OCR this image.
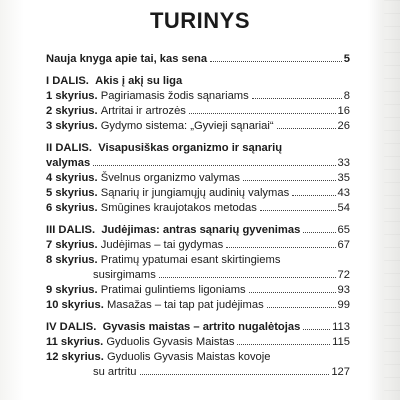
TURINYS
Nauja knyga apie tai, kas sena	5
I DALIS.
Akis į akį su liga
1 skyrius.
Pagiriamasis žodis sąnariams	8
2 skyrius.
Artritai ir artrozės	16
3 skyrius.
Gydymo sistema: „Gyvieji sąnariai“	26
II DALIS.
Visapusiškas organizmo ir sąnarių
valymas	33
4 skyrius.
Švelnus organizmo valymas	35
5 skyrius.
Sąnarių ir jungiamųjų audinių valymas	43
6 skyrius.
Smūgines kraujotakos metodas	54
III DALIS.
Judėjimas: antras sąnarių gyvenimas	65
7 skyrius.
Judėjimas – tai gydymas	67
8 skyrius.
Pratimų ypatumai esant skirtingiems
susirgimams	72
9 skyrius.
Pratimai gulintiems ligoniams	93
10 skyrius.
Masažas – tai tap pat judėjimas	99
IV DALIS.
Gyvasis maistas – artrito nugalėtojas	113
11 skyrius.
Gyduolis Gyvasis Maistas	115
12 skyrius.
Gyduolis Gyvasis Maistas kovoje
su artritu	127
